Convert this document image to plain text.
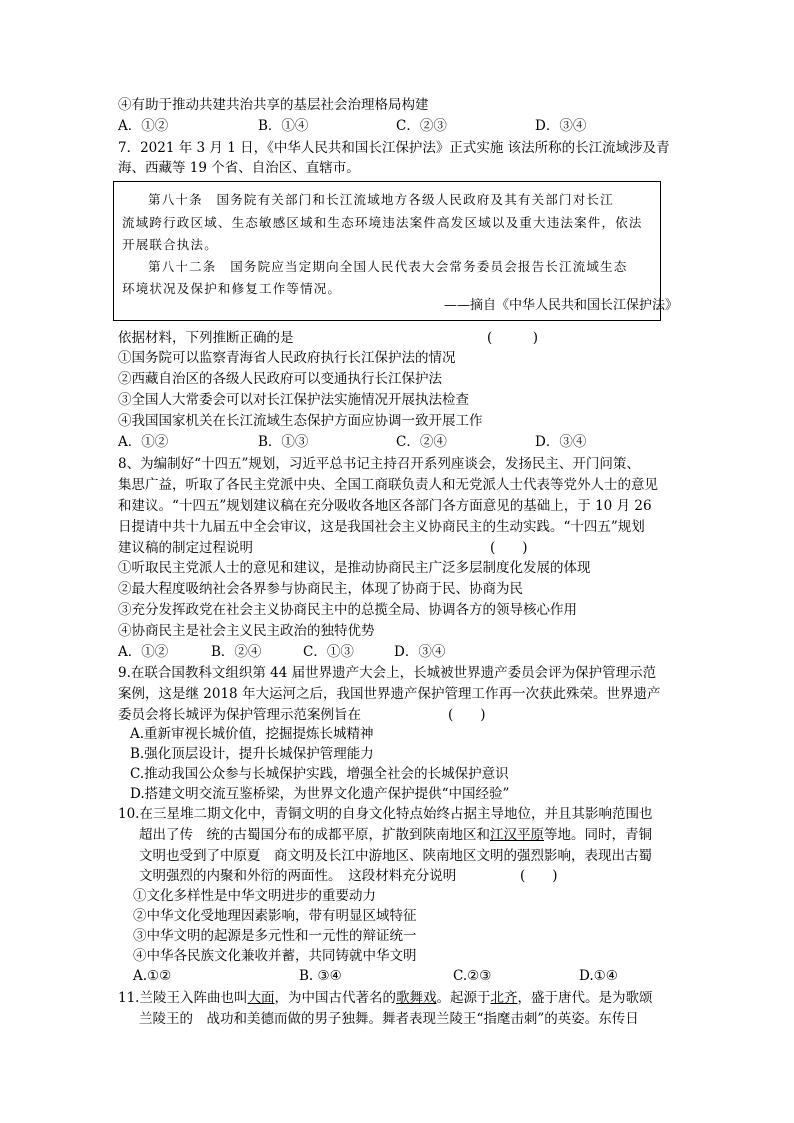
④有助于推动共建共治共享的基层社会治理格局构建
A．①②	B．①④	C．②③	D．③④
7．2021 年 3 月 1 日，《中华人民共和国长江保护法》正式实施 该法所称的长江流域涉及青
海、西藏等 19 个省、自治区、直辖市。
第八十条　国务院有关部门和长江流域地方各级人民政府及其有关部门对长江
流域跨行政区域、生态敏感区域和生态环境违法案件高发区域以及重大违法案件，依法
开展联合执法。
第八十二条　国务院应当定期向全国人民代表大会常务委员会报告长江流域生态
环境状况及保护和修复工作等情况。
——摘自《中华人民共和国长江保护法》
依据材料，下列推断正确的是	(　　　)
①国务院可以监察青海省人民政府执行长江保护法的情况
②西藏自治区的各级人民政府可以变通执行长江保护法
③全国人大常委会可以对长江保护法实施情况开展执法检查
④我国国家机关在长江流域生态保护方面应协调一致开展工作
A．①②	B．①③	C．②④	D．③④
8、为编制好“十四五”规划，习近平总书记主持召开系列座谈会，发扬民主、开门问策、
集思广益，听取了各民主党派中央、全国工商联负责人和无党派人士代表等党外人士的意见
和建议。“十四五”规划建议稿在充分吸收各地区各部门各方面意见的基础上，于 10 月 26
日提请中共十九届五中全会审议，这是我国社会主义协商民主的生动实践。“十四五”规划
建议稿的制定过程说明	(　　)
①听取民主党派人士的意见和建议，是推动协商民主广泛多层制度化发展的体现
②最大程度吸纳社会各界参与协商民主，体现了协商于民、协商为民
③充分发挥政党在社会主义协商民主中的总揽全局、协调各方的领导核心作用
④协商民主是社会主义民主政治的独特优势
A．①②	B．②④	C．①③	D．③④
9.在联合国教科文组织第 44 届世界遗产大会上，长城被世界遗产委员会评为保护管理示范
案例，这是继 2018 年大运河之后，我国世界遗产保护管理工作再一次获此殊荣。世界遗产
委员会将长城评为保护管理示范案例旨在	(　　)
A.重新审视长城价值，挖掘提炼长城精神
B.强化顶层设计，提升长城保护管理能力
C.推动我国公众参与长城保护实践，增强全社会的长城保护意识
D.搭建文明交流互鉴桥梁，为世界文化遗产保护提供“中国经验”
10.在三星堆二期文化中，青铜文明的自身文化特点始终占据主导地位，并且其影响范围也
超出了传　统的古蜀国分布的成都平原，扩散到陕南地区和江汉平原等地。同时，青铜
文明也受到了中原夏　商文明及长江中游地区、陕南地区文明的强烈影响，表现出古蜀
文明强烈的内聚和外衍的两面性。　这段材料充分说明	(　　)
①文化多样性是中华文明进步的重要动力
②中华文化受地理因素影响，带有明显区域特征
③中华文明的起源是多元性和一元性的辩证统一
④中华各民族文化兼收并蓄，共同铸就中华文明
A.①②	B. ③④	C.②③	D.①④
11.兰陵王入阵曲也叫大面，为中国古代著名的歌舞戏。起源于北齐，盛于唐代。是为歌颂
兰陵王的　战功和美德而做的男子独舞。舞者表现兰陵王“指麾击刺”的英姿。东传日
